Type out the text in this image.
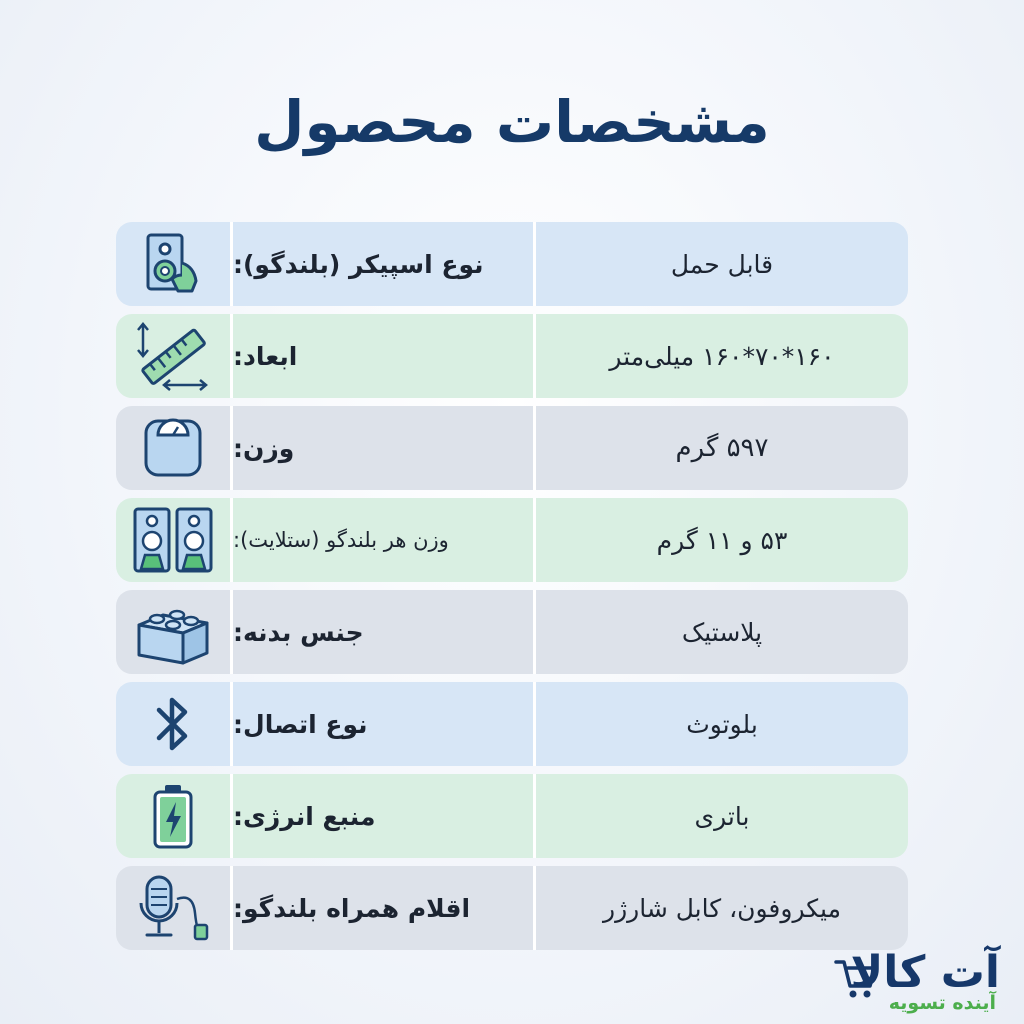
مشخصات محصول
نوع اسپیکر (بلندگو):	قابل حمل
ابعاد:	۱۶۰*۷۰*۱۶۰ میلی‌متر
وزن:	۵۹۷ گرم
وزن هر بلندگو (ستلایت):	۵۳ و ۱۱ گرم
جنس بدنه:	پلاستیک
نوع اتصال:	بلوتوث
منبع انرژی:	باتری
اقلام همراه بلندگو:	میکروفون، کابل شارژر
آت کالا
آینده تسویه
